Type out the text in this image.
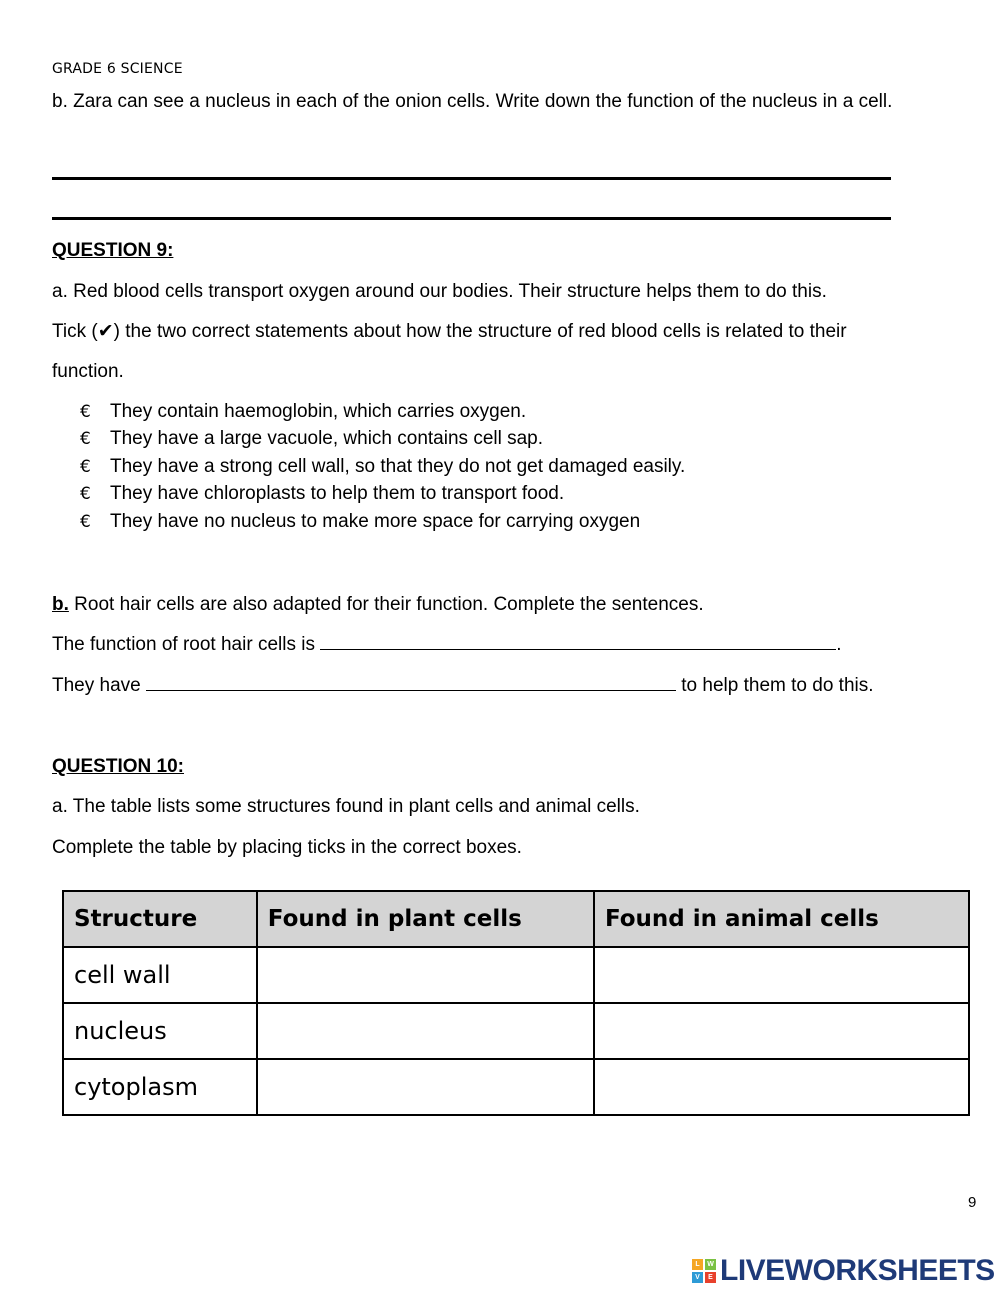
GRADE 6 SCIENCE
b. Zara can see a nucleus in each of the onion cells. Write down the function of the nucleus in a cell.
QUESTION 9:
a. Red blood cells transport oxygen around our bodies. Their structure helps them to do this.
Tick (✔) the two correct statements about how the structure of red blood cells is related to their
function.
€ They contain haemoglobin, which carries oxygen.
€ They have a large vacuole, which contains cell sap.
€ They have a strong cell wall, so that they do not get damaged easily.
€ They have chloroplasts to help them to transport food.
€ They have no nucleus to make more space for carrying oxygen
b. Root hair cells are also adapted for their function. Complete the sentences.
The function of root hair cells is	.
They have	to help them to do this.
QUESTION 10:
a. The table lists some structures found in plant cells and animal cells.
Complete the table by placing ticks in the correct boxes.
Structure	Found in plant cells	Found in animal cells
cell wall		
nucleus		
cytoplasm		
9
L	W
V	E LIVEWORKSHEETS
